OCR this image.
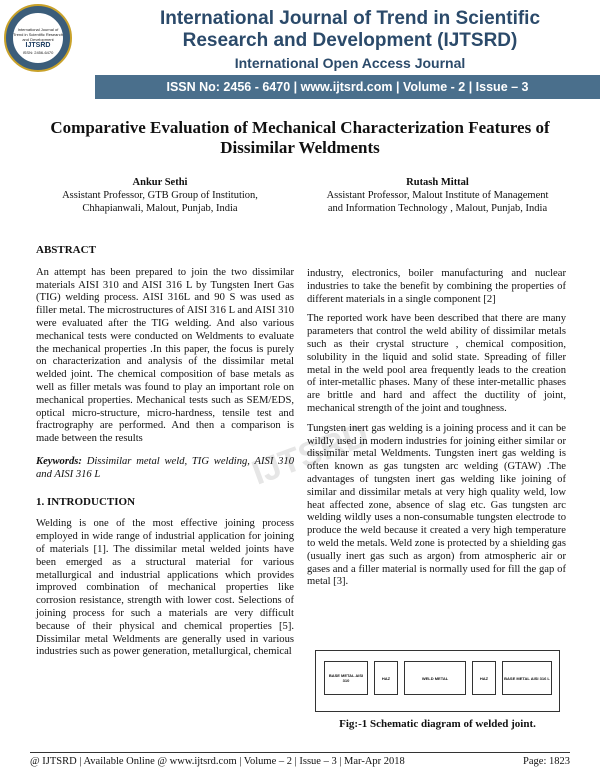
International Journal of Trend in Scientific Research and Development
IJTSRD
ISSN: 2456-6470
International Journal of Trend in Scientific
Research and Development (IJTSRD)
International Open Access Journal
ISSN No: 2456 - 6470 | www.ijtsrd.com | Volume - 2 | Issue – 3
Comparative Evaluation of Mechanical Characterization Features of Dissimilar Weldments
Ankur Sethi
Assistant Professor, GTB Group of Institution,
Chhapianwali, Malout, Punjab, India
Rutash Mittal
Assistant Professor, Malout Institute of Management
and Information Technology , Malout, Punjab, India
IJTSRD
ABSTRACT

An attempt has been prepared to join the two dissimilar materials AISI 310 and AISI 316 L by Tungsten Inert Gas (TIG) welding process. AISI 316L and 90 S was used as filler metal. The microstructures of AISI 316 L and AISI 310 were evaluated after the TIG welding. And also various mechanical tests were conducted on Weldments to evaluate the mechanical properties .In this paper, the focus is purely on characterization and analysis of the dissimilar metal welded joint. The chemical composition of base metals as well as filler metals was found to play an important role on mechanical properties. Mechanical tests such as SEM/EDS, optical micro-structure, micro-hardness, tensile test and fractrography are performed. And then a comparison is made between the results

Keywords: Dissimilar metal weld, TIG welding, AISI 310 and AISI 316 L

1. INTRODUCTION

Welding is one of the most effective joining process employed in wide range of industrial application for joining of materials [1]. The dissimilar metal welded joints have been emerged as a structural material for various metallurgical and industrial applications which provides improved combination of mechanical properties like corrosion resistance, strength with lower cost. Selections of joining process for such a materials are very difficult because of their physical and chemical properties [5]. Dissimilar metal Weldments are generally used in various industries such as power generation, metallurgical, chemical

industry, electronics, boiler manufacturing and nuclear industries to take the benefit by combining the properties of different materials in a single component [2]

The reported work have been described that there are many parameters that control the weld ability of dissimilar metals such as their crystal structure , chemical composition, solubility in the liquid and solid state. Spreading of filler metal in the weld pool area frequently leads to the creation of inter-metallic phases. Many of these inter-metallic phases are brittle and hard and affect the ductility of joint, mechanical strength of the joint and toughness.

Tungsten inert gas welding is a joining process and it can be wildly used in modern industries for joining either similar or dissimilar metal Weldments. Tungsten inert gas welding is often known as gas tungsten arc welding (GTAW) .The advantages of tungsten inert gas welding like joining of similar and dissimilar metals at very high quality weld, low heat affected zone, absence of slag etc. Gas tungsten arc welding wildly uses a non-consumable tungsten electrode to produce the weld because it created a very high temperature to weld the metals. Weld zone is protected by a shielding gas (usually inert gas such as argon) from atmospheric air or gases and a filler material is normally used for fill the gap of metal [3].

BASE METAL AISI 310	HAZ	WELD METAL	HAZ	BASE METAL AISI 316 L
Fig:-1 Schematic diagram of welded joint.
@ IJTSRD | Available Online @ www.ijtsrd.com | Volume – 2 | Issue – 3 | Mar-Apr 2018	Page: 1823
